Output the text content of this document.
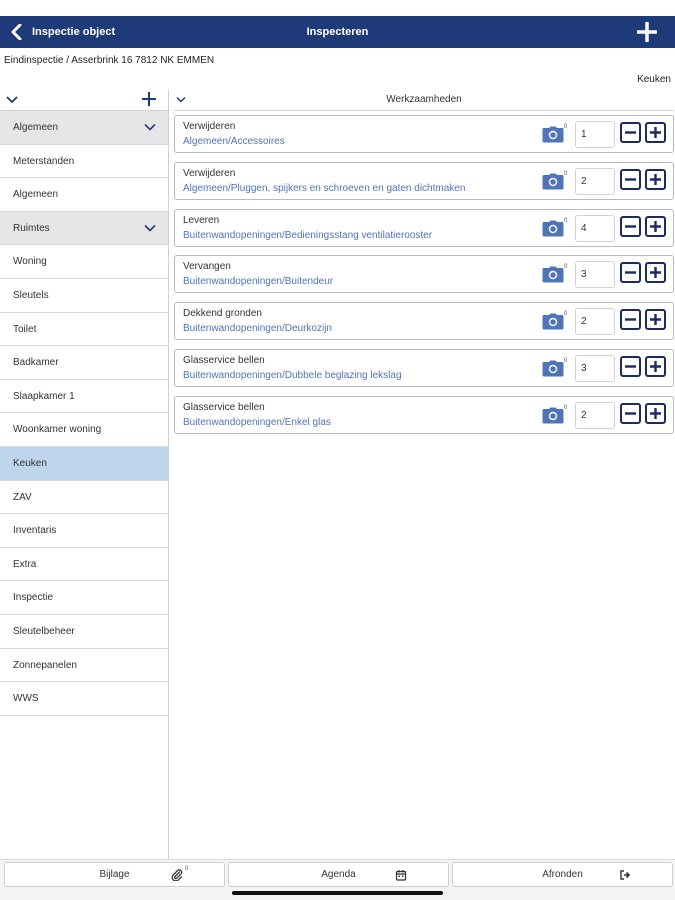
Inspectie object	Inspecteren
Eindinspectie / Asserbrink 16 7812 NK EMMEN
Keuken
Algemeen
Meterstanden
Algemeen
Ruimtes
Woning
Sleutels
Toilet
Badkamer
Slaapkamer 1
Woonkamer woning
Keuken
ZAV
Inventaris
Extra
Inspectie
Sleutelbeheer
Zonnepanelen
WWS
Werkzaamheden
Verwijderen
Algemeen/Accessoires
0
1
Verwijderen
Algemeen/Pluggen, spijkers en schroeven en gaten dichtmaken
0
2
Leveren
Buitenwandopeningen/Bedieningsstang ventilatierooster
0
4
Vervangen
Buitenwandopeningen/Buitendeur
0
3
Dekkend gronden
Buitenwandopeningen/Deurkozijn
0
2
Glasservice bellen
Buitenwandopeningen/Dubbele beglazing lekslag
0
3
Glasservice bellen
Buitenwandopeningen/Enkel glas
0
2
Bijlage	0	Agenda	Afronden
